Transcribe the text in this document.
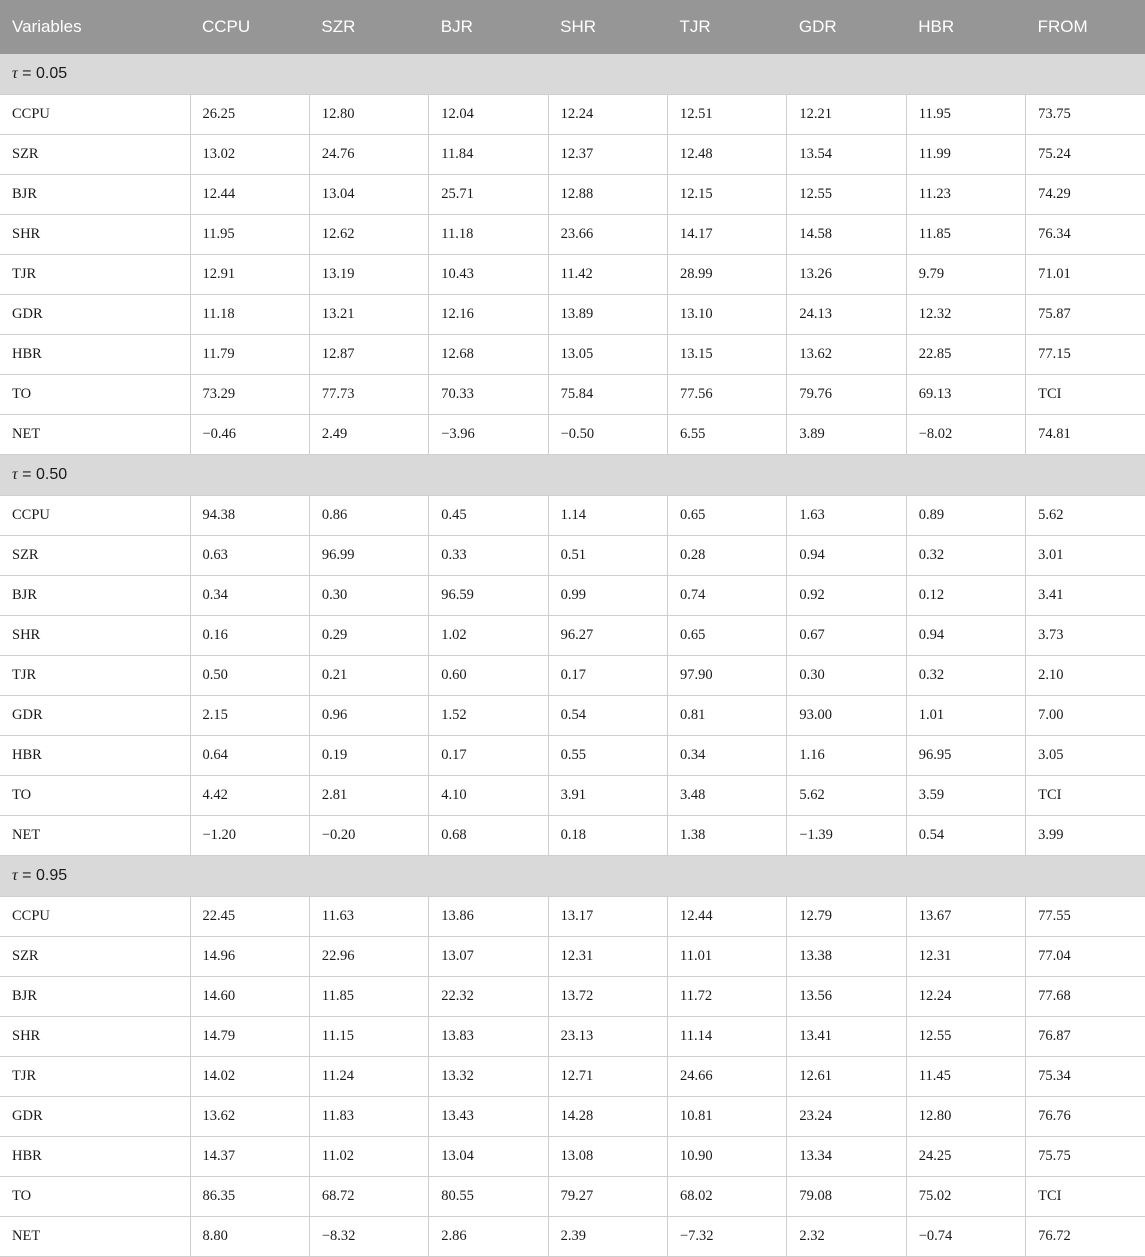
Variables	CCPU	SZR	BJR	SHR	TJR	GDR	HBR	FROM
τ = 0.05								
CCPU	26.25	12.80	12.04	12.24	12.51	12.21	11.95	73.75
SZR	13.02	24.76	11.84	12.37	12.48	13.54	11.99	75.24
BJR	12.44	13.04	25.71	12.88	12.15	12.55	11.23	74.29
SHR	11.95	12.62	11.18	23.66	14.17	14.58	11.85	76.34
TJR	12.91	13.19	10.43	11.42	28.99	13.26	9.79	71.01
GDR	11.18	13.21	12.16	13.89	13.10	24.13	12.32	75.87
HBR	11.79	12.87	12.68	13.05	13.15	13.62	22.85	77.15
TO	73.29	77.73	70.33	75.84	77.56	79.76	69.13	TCI
NET	−0.46	2.49	−3.96	−0.50	6.55	3.89	−8.02	74.81
τ = 0.50								
CCPU	94.38	0.86	0.45	1.14	0.65	1.63	0.89	5.62
SZR	0.63	96.99	0.33	0.51	0.28	0.94	0.32	3.01
BJR	0.34	0.30	96.59	0.99	0.74	0.92	0.12	3.41
SHR	0.16	0.29	1.02	96.27	0.65	0.67	0.94	3.73
TJR	0.50	0.21	0.60	0.17	97.90	0.30	0.32	2.10
GDR	2.15	0.96	1.52	0.54	0.81	93.00	1.01	7.00
HBR	0.64	0.19	0.17	0.55	0.34	1.16	96.95	3.05
TO	4.42	2.81	4.10	3.91	3.48	5.62	3.59	TCI
NET	−1.20	−0.20	0.68	0.18	1.38	−1.39	0.54	3.99
τ = 0.95								
CCPU	22.45	11.63	13.86	13.17	12.44	12.79	13.67	77.55
SZR	14.96	22.96	13.07	12.31	11.01	13.38	12.31	77.04
BJR	14.60	11.85	22.32	13.72	11.72	13.56	12.24	77.68
SHR	14.79	11.15	13.83	23.13	11.14	13.41	12.55	76.87
TJR	14.02	11.24	13.32	12.71	24.66	12.61	11.45	75.34
GDR	13.62	11.83	13.43	14.28	10.81	23.24	12.80	76.76
HBR	14.37	11.02	13.04	13.08	10.90	13.34	24.25	75.75
TO	86.35	68.72	80.55	79.27	68.02	79.08	75.02	TCI
NET	8.80	−8.32	2.86	2.39	−7.32	2.32	−0.74	76.72
